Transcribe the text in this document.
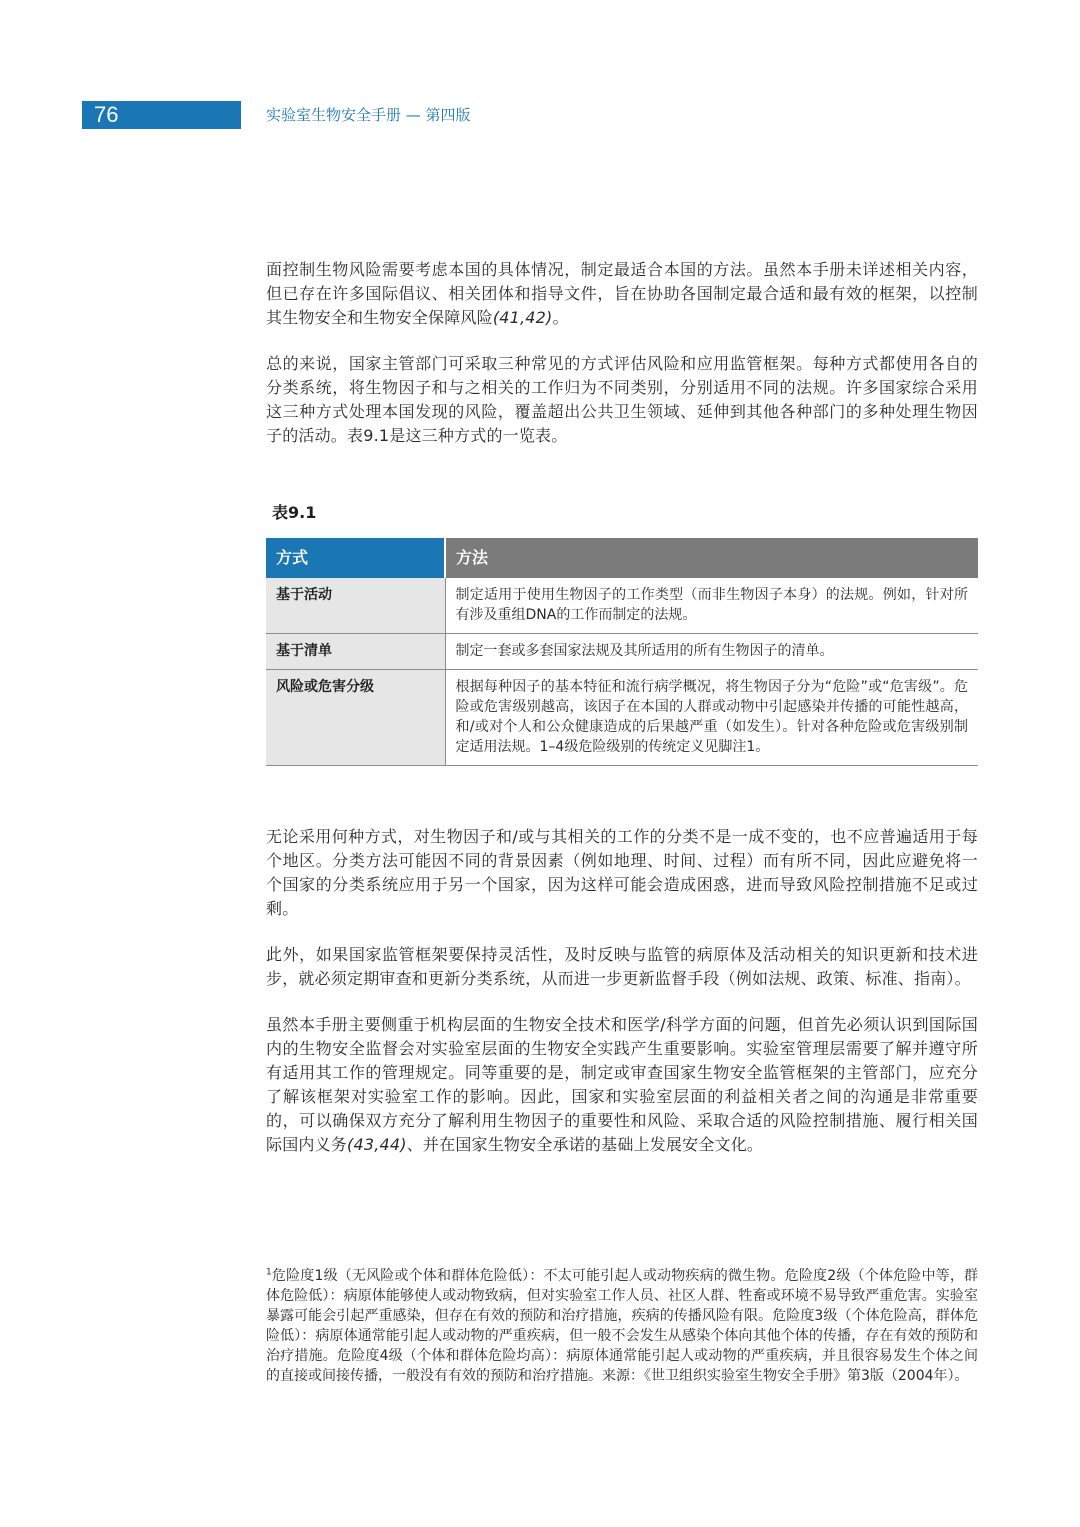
76	实验室生物安全手册 — 第四版

面控制生物风险需要考虑本国的具体情况，制定最适合本国的方法。虽然本手册未详述相关内容，但已存在许多国际倡议、相关团体和指导文件，旨在协助各国制定最合适和最有效的框架，以控制其生物安全和生物安全保障风险(41,42)。

总的来说，国家主管部门可采取三种常见的方式评估风险和应用监管框架。每种方式都使用各自的分类系统，将生物因子和与之相关的工作归为不同类别，分别适用不同的法规。许多国家综合采用这三种方式处理本国发现的风险，覆盖超出公共卫生领域、延伸到其他各种部门的多种处理生物因子的活动。表9.1是这三种方式的一览表。

表9.1
方式	方法
基于活动	制定适用于使用生物因子的工作类型（而非生物因子本身）的法规。例如，针对所有涉及重组DNA的工作而制定的法规。
基于清单	制定一套或多套国家法规及其所适用的所有生物因子的清单。
风险或危害分级	根据每种因子的基本特征和流行病学概况，将生物因子分为“危险”或“危害级”。危险或危害级别越高，该因子在本国的人群或动物中引起感染并传播的可能性越高，和/或对个人和公众健康造成的后果越严重（如发生）。针对各种危险或危害级别制定适用法规。1–4级危险级别的传统定义见脚注1。

无论采用何种方式，对生物因子和/或与其相关的工作的分类不是一成不变的，也不应普遍适用于每个地区。分类方法可能因不同的背景因素（例如地理、时间、过程）而有所不同，因此应避免将一个国家的分类系统应用于另一个国家，因为这样可能会造成困惑，进而导致风险控制措施不足或过剩。

此外，如果国家监管框架要保持灵活性，及时反映与监管的病原体及活动相关的知识更新和技术进步，就必须定期审查和更新分类系统，从而进一步更新监督手段（例如法规、政策、标准、指南）。

虽然本手册主要侧重于机构层面的生物安全技术和医学/科学方面的问题，但首先必须认识到国际国内的生物安全监督会对实验室层面的生物安全实践产生重要影响。实验室管理层需要了解并遵守所有适用其工作的管理规定。同等重要的是，制定或审查国家生物安全监管框架的主管部门，应充分了解该框架对实验室工作的影响。因此，国家和实验室层面的利益相关者之间的沟通是非常重要的，可以确保双方充分了解利用生物因子的重要性和风险、采取合适的风险控制措施、履行相关国际国内义务(43,44)、并在国家生物安全承诺的基础上发展安全文化。

$^1$危险度1级（无风险或个体和群体危险低）：不太可能引起人或动物疾病的微生物。危险度2级（个体危险中等，群体危险低）：病原体能够使人或动物致病，但对实验室工作人员、社区人群、牲畜或环境不易导致严重危害。实验室暴露可能会引起严重感染，但存在有效的预防和治疗措施，疾病的传播风险有限。危险度3级（个体危险高，群体危险低）：病原体通常能引起人或动物的严重疾病，但一般不会发生从感染个体向其他个体的传播，存在有效的预防和治疗措施。危险度4级（个体和群体危险均高）：病原体通常能引起人或动物的严重疾病，并且很容易发生个体之间的直接或间接传播，一般没有有效的预防和治疗措施。来源：《世卫组织实验室生物安全手册》第3版（2004年）。
